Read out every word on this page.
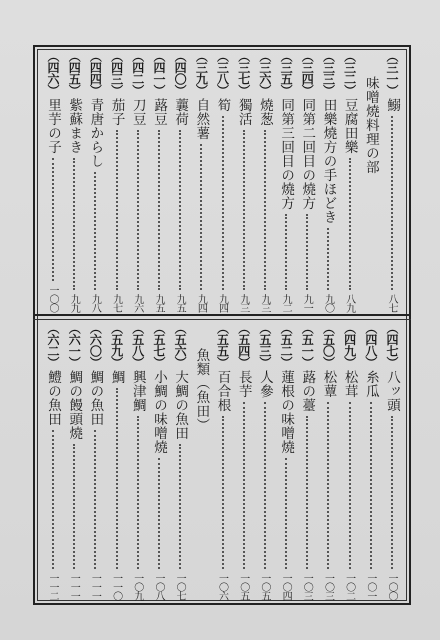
（三一）
鰯
八七
味噌燒料理の部
（三二）
豆腐田樂
八九
（三三）
田樂燒方の手ほどき
九〇
（三四）
同第二回目の燒方
九一
（三五）
同第三回目の燒方
九二
（三六）
燒葱
九三
（三七）
獨活
九三
（三八）
筍
九四
（三九）
自然薯
九四
（四〇）
蘘荷
九五
（四一）
蕗豆
九五
（四二）
刀豆
九六
（四三）
茄子
九七
（四四）
青唐からし
九八
（四五）
紫蘇まき
九九
（四六）
里芋の子
一〇〇
（四七）
八ッ頭
一〇〇
（四八）
糸瓜
一〇一
（四九）
松茸
一〇二
（五〇）
松蕈
一〇三
（五一）
蕗の薹
一〇三
（五二）
蓮根の味噌燒
一〇四
（五三）
人參
一〇五
（五四）
長芋
一〇五
（五五）
百合根
一〇六
魚類（魚田）
（五六）
大鯛の魚田
一〇七
（五七）
小鯛の味噌燒
一〇八
（五八）
興津鯛
一〇九
（五九）
鯛
一一〇
（六〇）
鯛の魚田
一一一
（六一）
鯛の饅頭燒
一一一
（六二）
鱧の魚田
一一二
